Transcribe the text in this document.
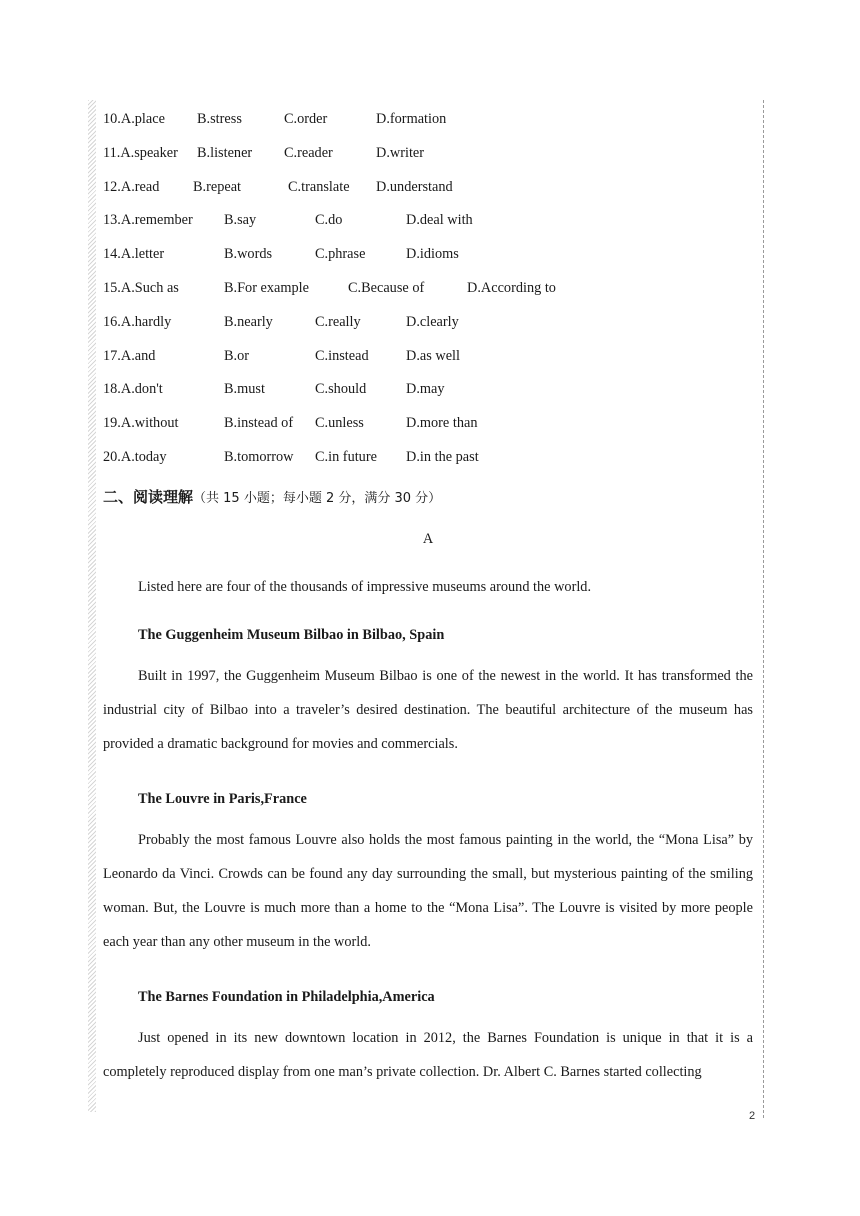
10.A.place B.stress	C.order	D.formation
11.A.speaker B.listener C.reader	D.writer
12.A.read B.repeat	C.translate D.understand
13.A.remember B.say	C.do	D.deal with
14.A.letter	B.words	C.phrase	D.idioms
15.A.Such as	B.For example	C.Because of	D.According to
16.A.hardly	B.nearly	C.really	D.clearly
17.A.and	B.or	C.instead	D.as well
18.A.don't	B.must	C.should	D.may
19.A.without	B.instead of C.unless	D.more than
20.A.today	B.tomorrow C.in future D.in the past
二、阅读理解（共 15 小题；每小题 2 分，满分 30 分）
A
Listed here are four of the thousands of impressive museums around the world.
The Guggenheim Museum Bilbao in Bilbao, Spain
Built in 1997, the Guggenheim Museum Bilbao is one of the newest in the world. It has transformed the industrial city of Bilbao into a traveler’s desired destination. The beautiful architecture of the museum has provided a dramatic background for movies and commercials.
The Louvre in Paris,France
Probably the most famous Louvre also holds the most famous painting in the world, the “Mona Lisa” by Leonardo da Vinci. Crowds can be found any day surrounding the small, but mysterious painting of the smiling woman. But, the Louvre is much more than a home to the “Mona Lisa”. The Louvre is visited by more people each year than any other museum in the world.
The Barnes Foundation in Philadelphia,America
Just opened in its new downtown location in 2012, the Barnes Foundation is unique in that it is a completely reproduced display from one man’s private collection. Dr. Albert C. Barnes started collecting
2
